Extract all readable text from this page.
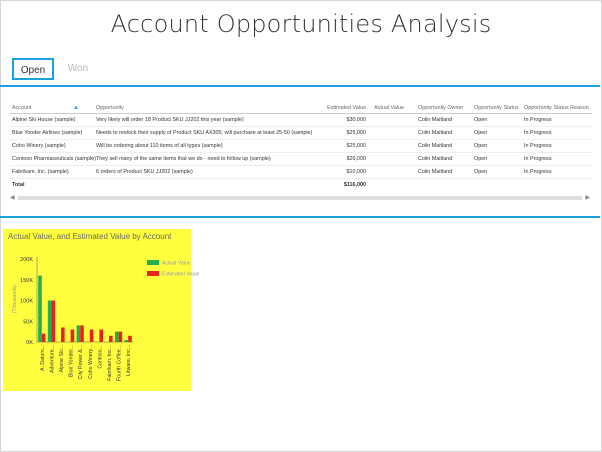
Account Opportunities Analysis
Open	Won
Account ▲	Opportunity	Estimated Value	Actual Value	Opportunity Owner	Opportunity Status	Opportunity Status Reason
Alpine Ski House (sample)	Very likely will order 18 Product SKU JJ202 this year (sample)	$30,000		Colin Maitland	Open	In Progress
Blue Yonder Airlines (sample)	Needs to restock their supply of Product SKU AX305; will purchase at least 25-50 (sample)	$25,000		Colin Maitland	Open	In Progress
Coho Winery (sample)	Will be ordering about 110 items of all types (sample)	$25,000		Colin Maitland	Open	In Progress
Contoso Pharmaceuticals (sample)	They sell many of the same items that we do - need to follow up (sample)	$26,000		Colin Maitland	Open	In Progress
Fabrikam, Inc. (sample)	6 orders of Product SKU JJ202 (sample)	$10,000		Colin Maitland	Open	In Progress
Total		$116,000				
◀	▶
Actual Value, and Estimated Value by Account
200K
150K
100K
50K
0K
(Thousands)
A. Datum... Adventure... Alpine Ski... Blue Yonder... City Power &... Coho Winery... Contoso... Fabrikam, Inc... Fourth Coffee... Litware, Inc...
Actual Value
Estimated Value
